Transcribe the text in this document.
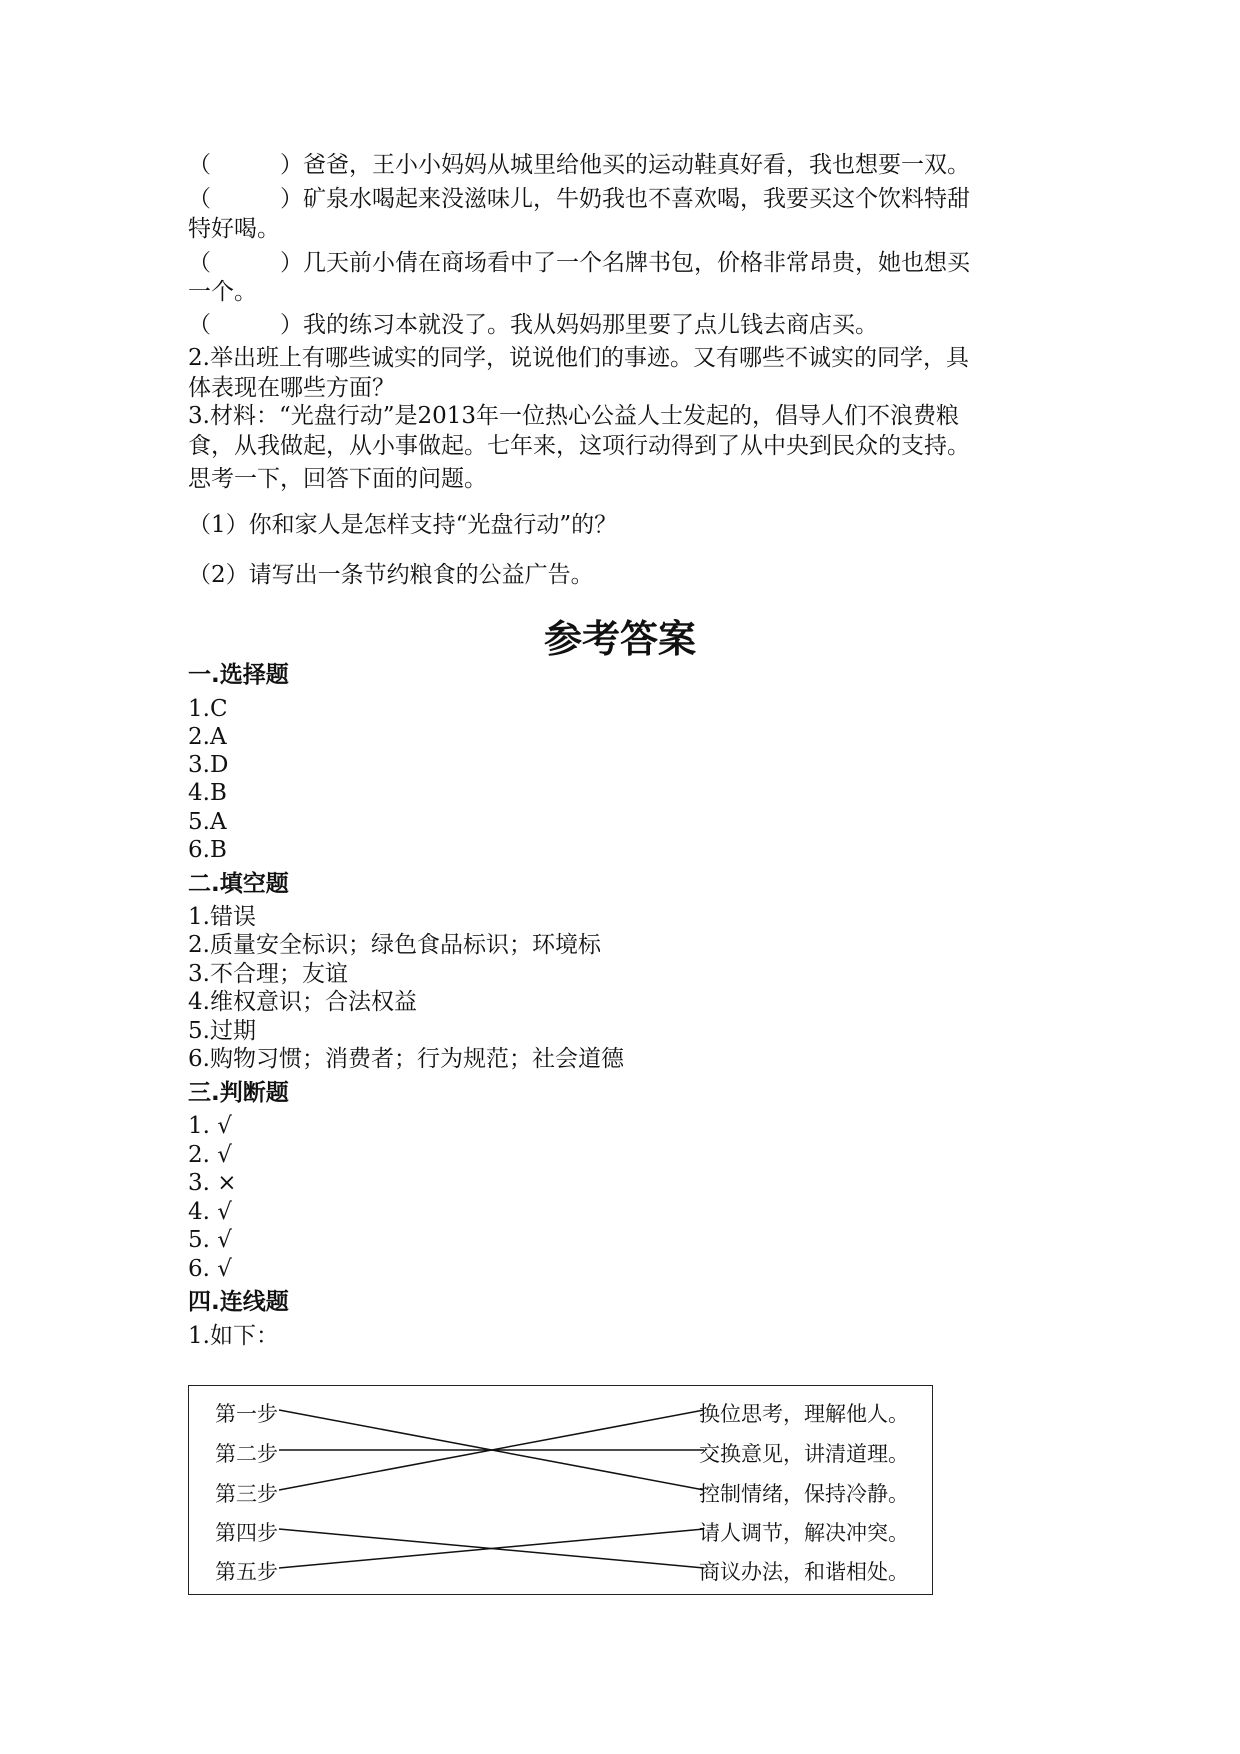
（　　　）爸爸，王小小妈妈从城里给他买的运动鞋真好看，我也想要一双。
（　　　）矿泉水喝起来没滋味儿，牛奶我也不喜欢喝，我要买这个饮料特甜
特好喝。
（　　　）几天前小倩在商场看中了一个名牌书包，价格非常昂贵，她也想买
一个。
（　　　）我的练习本就没了。我从妈妈那里要了点儿钱去商店买。
2.举出班上有哪些诚实的同学，说说他们的事迹。又有哪些不诚实的同学，具
体表现在哪些方面？
3.材料：“光盘行动”是2013年一位热心公益人士发起的，倡导人们不浪费粮
食，从我做起，从小事做起。七年来，这项行动得到了从中央到民众的支持。
思考一下，回答下面的问题。
（1）你和家人是怎样支持“光盘行动”的？
（2）请写出一条节约粮食的公益广告。
参考答案
一.选择题
1.C
2.A
3.D
4.B
5.A
6.B
二.填空题
1.错误
2.质量安全标识；绿色食品标识；环境标
3.不合理；友谊
4.维权意识；合法权益
5.过期
6.购物习惯；消费者；行为规范；社会道德
三.判断题
1. √
2. √
3. ×
4. √
5. √
6. √
四.连线题
1.如下：
第一步
第二步
第三步
第四步
第五步
换位思考，理解他人。
交换意见，讲清道理。
控制情绪，保持冷静。
请人调节，解决冲突。
商议办法，和谐相处。
